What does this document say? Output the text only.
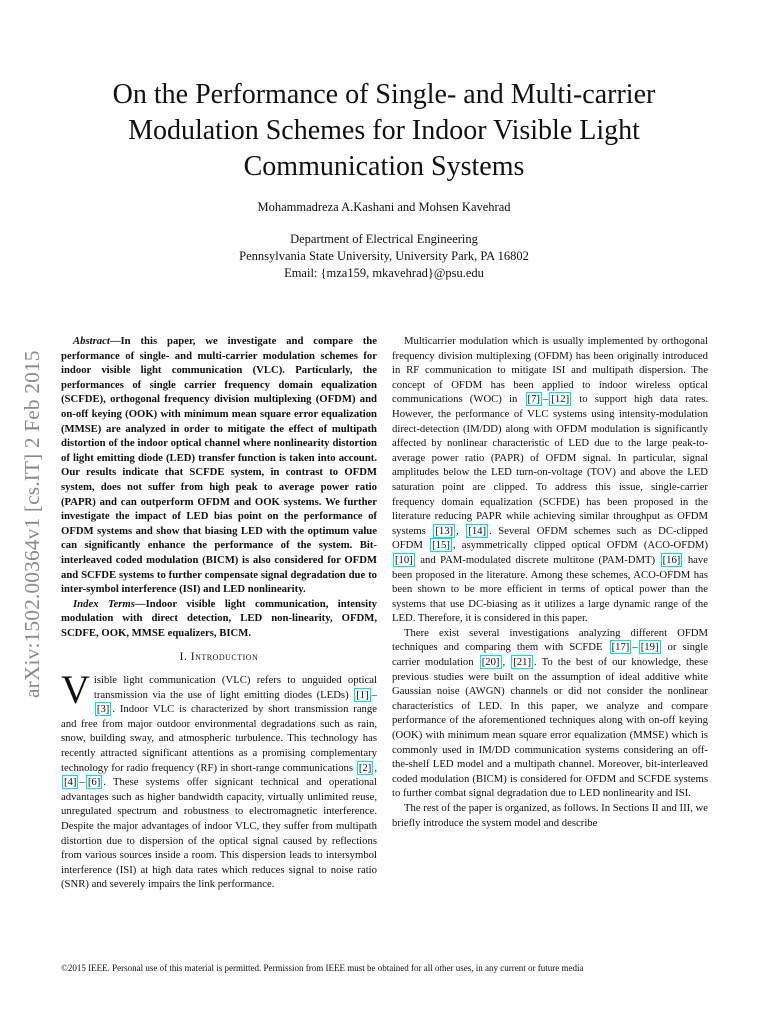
arXiv:1502.00364v1 [cs.IT] 2 Feb 2015
On the Performance of Single- and Multi-carrier
Modulation Schemes for Indoor Visible Light
Communication Systems
Mohammadreza A.Kashani and Mohsen Kavehrad
Department of Electrical Engineering
Pennsylvania State University, University Park, PA 16802
Email: {mza159, mkavehrad}@psu.edu

Abstract—In this paper, we investigate and compare the performance of single- and multi-carrier modulation schemes for indoor visible light communication (VLC). Particularly, the performances of single carrier frequency domain equalization (SCFDE), orthogonal frequency division multiplexing (OFDM) and on-off keying (OOK) with minimum mean square error equalization (MMSE) are analyzed in order to mitigate the effect of multipath distortion of the indoor optical channel where nonlinearity distortion of light emitting diode (LED) transfer function is taken into account. Our results indicate that SCFDE system, in contrast to OFDM system, does not suffer from high peak to average power ratio (PAPR) and can outperform OFDM and OOK systems. We further investigate the impact of LED bias point on the performance of OFDM systems and show that biasing LED with the optimum value can significantly enhance the performance of the system. Bit-interleaved coded modulation (BICM) is also considered for OFDM and SCFDE systems to further compensate signal degradation due to inter-symbol interference (ISI) and LED nonlinearity.

Index Terms—Indoor visible light communication, intensity modulation with direct detection, LED non-linearity, OFDM, SCDFE, OOK, MMSE equalizers, BICM.

I. Introduction

Visible light communication (VLC) refers to unguided optical transmission via the use of light emitting diodes (LEDs) [1] –[3] . Indoor VLC is characterized by short transmission range and free from major outdoor environmental degradations such as rain, snow, building sway, and atmospheric turbulence. This technology has recently attracted significant attentions as a promising complementary technology for radio frequency (RF) in short-range communications [2] , [4] – [6] . These systems offer signicant technical and operational advantages such as higher bandwidth capacity, virtually unlimited reuse, unregulated spectrum and robustness to electromagnetic interference. Despite the major advantages of indoor VLC, they suffer from multipath distortion due to dispersion of the optical signal caused by reflections from various sources inside a room. This dispersion leads to intersymbol interference (ISI) at high data rates which reduces signal to noise ratio (SNR) and severely impairs the link performance.

Multicarrier modulation which is usually implemented by orthogonal frequency division multiplexing (OFDM) has been originally introduced in RF communication to mitigate ISI and multipath dispersion. The concept of OFDM has been applied to indoor wireless optical communications (WOC) in [7] – [12] to support high data rates. However, the performance of VLC systems using intensity-modulation direct-detection (IM/DD) along with OFDM modulation is significantly affected by nonlinear characteristic of LED due to the large peak-to-average power ratio (PAPR) of OFDM signal. In particular, signal amplitudes below the LED turn-on-voltage (TOV) and above the LED saturation point are clipped. To address this issue, single-carrier frequency domain equalization (SCFDE) has been proposed in the literature reducing PAPR while achieving similar throughput as OFDM systems [13] , [14] . Several OFDM schemes such as DC-clipped OFDM [15] , asymmetrically clipped optical OFDM (ACO-OFDM) [10] and PAM-modulated discrete multitone (PAM-DMT) [16] have been proposed in the literature. Among these schemes, ACO-OFDM has been shown to be more efficient in terms of optical power than the systems that use DC-biasing as it utilizes a large dynamic range of the LED. Therefore, it is considered in this paper.

There exist several investigations analyzing different OFDM techniques and comparing them with SCFDE [17] – [19] or single carrier modulation [20] , [21] . To the best of our knowledge, these previous studies were built on the assumption of ideal additive white Gaussian noise (AWGN) channels or did not consider the nonlinear characteristics of LED. In this paper, we analyze and compare performance of the aforementioned techniques along with on-off keying (OOK) with minimum mean square error equalization (MMSE) which is commonly used in IM/DD communication systems considering an off-the-shelf LED model and a multipath channel. Moreover, bit-interleaved coded modulation (BICM) is considered for OFDM and SCFDE systems to further combat signal degradation due to LED nonlinearity and ISI.

The rest of the paper is organized, as follows. In Sections II and III, we briefly introduce the system model and describe

©2015 IEEE. Personal use of this material is permitted. Permission from IEEE must be obtained for all other uses, in any current or future media
